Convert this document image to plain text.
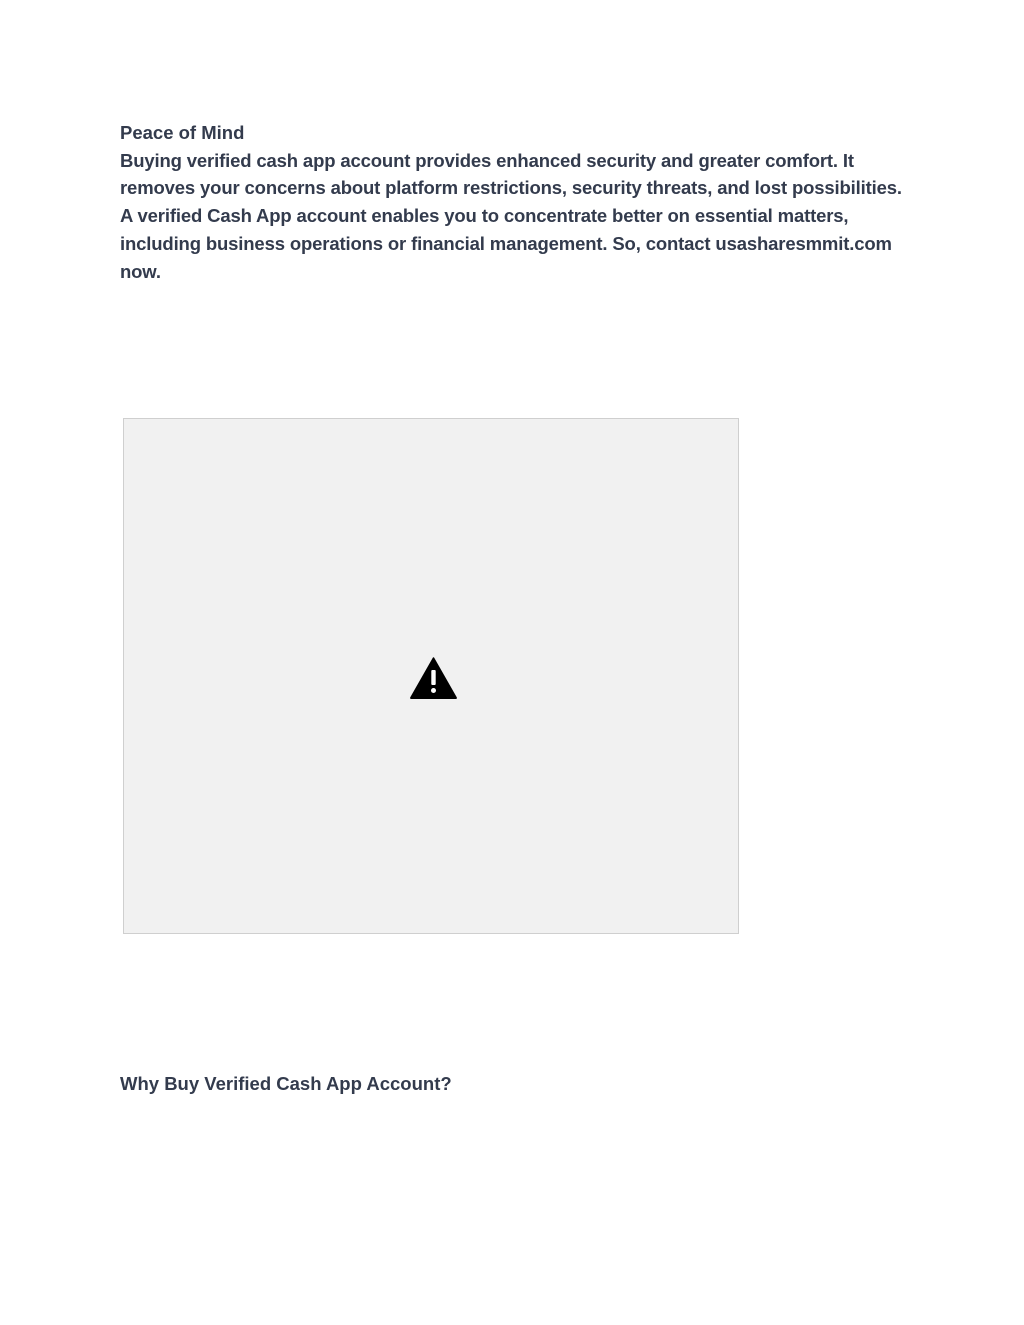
Peace of Mind

Buying verified cash app account provides enhanced security and greater comfort. It removes your concerns about platform restrictions, security threats, and lost possibilities. A verified Cash App account enables you to concentrate better on essential matters, including business operations or financial management. So, contact usasharesmmit.com now.

Why Buy Verified Cash App Account?
